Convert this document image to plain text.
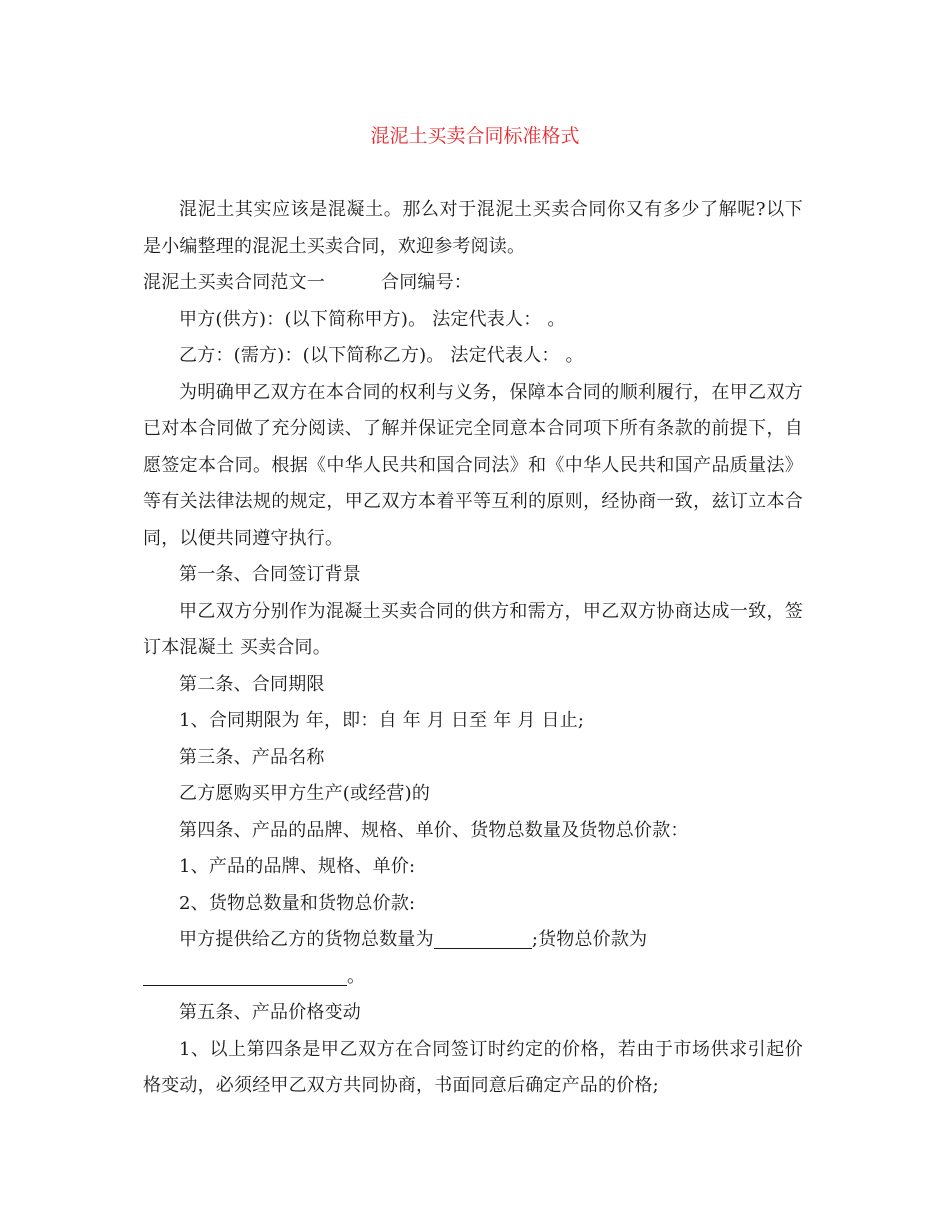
混泥土买卖合同标准格式

混泥土其实应该是混凝土。那么对于混泥土买卖合同你又有多少了解呢?以下是小编整理的混泥土买卖合同，欢迎参考阅读。

混泥土买卖合同范文一	合同编号：

甲方(供方)：(以下简称甲方)。 法定代表人： 。

乙方：(需方)：(以下简称乙方)。 法定代表人： 。

为明确甲乙双方在本合同的权利与义务，保障本合同的顺利履行，在甲乙双方已对本合同做了充分阅读、了解并保证完全同意本合同项下所有条款的前提下，自愿签定本合同。根据《中华人民共和国合同法》和《中华人民共和国产品质量法》等有关法律法规的规定，甲乙双方本着平等互利的原则，经协商一致，兹订立本合同，以便共同遵守执行。

第一条、合同签订背景

甲乙双方分别作为混凝土买卖合同的供方和需方，甲乙双方协商达成一致，签订本混凝土 买卖合同。

第二条、合同期限

1、合同期限为 年，即：自 年 月 日至 年 月 日止;

第三条、产品名称

乙方愿购买甲方生产(或经营)的

第四条、产品的品牌、规格、单价、货物总数量及货物总价款：

1、产品的品牌、规格、单价:

2、货物总数量和货物总价款:

甲方提供给乙方的货物总数量为	;货物总价款为

。

第五条、产品价格变动

1、以上第四条是甲乙双方在合同签订时约定的价格，若由于市场供求引起价格变动，必须经甲乙双方共同协商，书面同意后确定产品的价格;
